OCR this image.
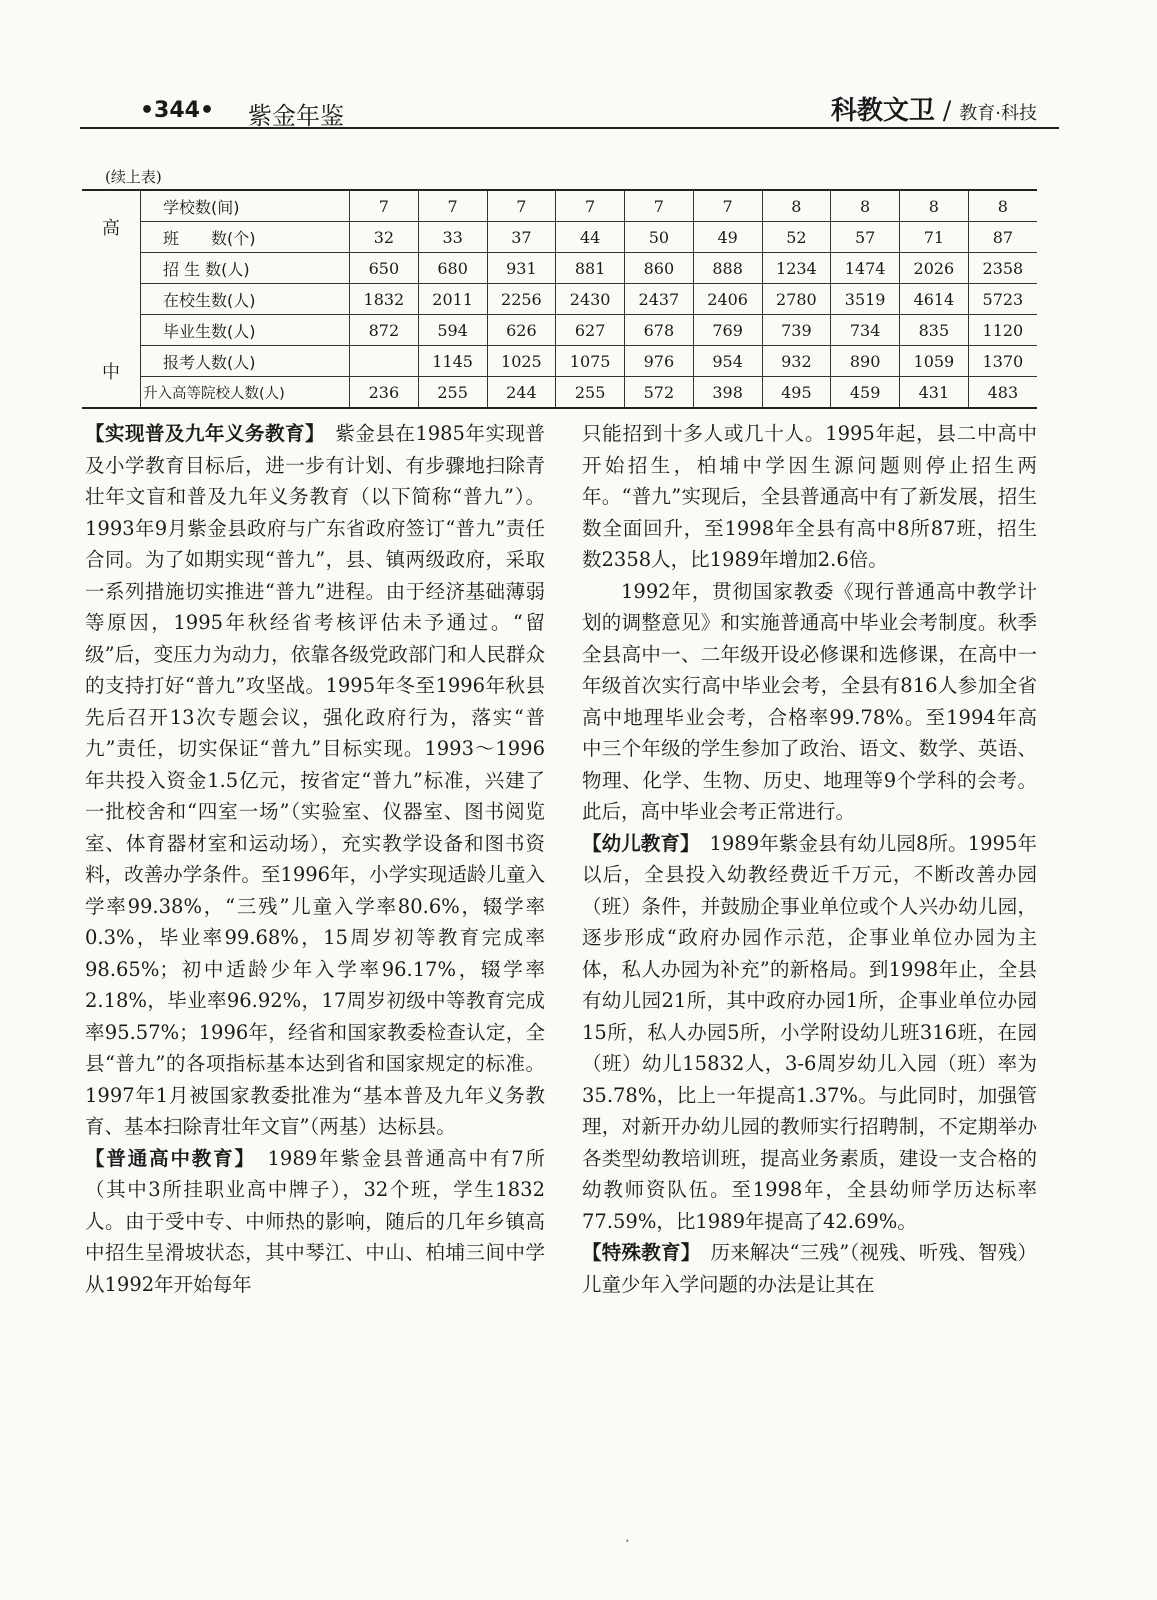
•344• 紫金年鉴	科教文卫 / 教育·科技
(续上表)
高
中	学校数(间)	7	7	7	7	7	7	8	8	8	8
	班　　数(个)	32	33	37	44	50	49	52	57	71	87
	招 生 数(人)	650	680	931	881	860	888	1234	1474	2026	2358
	在校生数(人)	1832	2011	2256	2430	2437	2406	2780	3519	4614	5723
	毕业生数(人)	872	594	626	627	678	769	739	734	835	1120
	报考人数(人)		1145	1025	1075	976	954	932	890	1059	1370
	升入高等院校人数(人)	236	255	244	255	572	398	495	459	431	483

【实现普及九年义务教育】　紫金县在1985年实现普及小学教育目标后，进一步有计划、有步骤地扫除青壮年文盲和普及九年义务教育（以下简称“普九”）。1993年9月紫金县政府与广东省政府签订“普九”责任合同。为了如期实现“普九”，县、镇两级政府，采取一系列措施切实推进“普九”进程。由于经济基础薄弱等原因，1995年秋经省考核评估未予通过。“留级”后，变压力为动力，依靠各级党政部门和人民群众的支持打好“普九”攻坚战。1995年冬至1996年秋县先后召开13次专题会议，强化政府行为，落实“普九”责任，切实保证“普九”目标实现。1993～1996年共投入资金1.5亿元，按省定“普九”标准，兴建了一批校舍和“四室一场”（实验室、仪器室、图书阅览室、体育器材室和运动场），充实教学设备和图书资料，改善办学条件。至1996年，小学实现适龄儿童入学率99.38%，“三残”儿童入学率80.6%，辍学率0.3%，毕业率99.68%，15周岁初等教育完成率98.65%；初中适龄少年入学率96.17%，辍学率2.18%，毕业率96.92%，17周岁初级中等教育完成率95.57%；1996年，经省和国家教委检查认定，全县“普九”的各项指标基本达到省和国家规定的标准。1997年1月被国家教委批准为“基本普及九年义务教育、基本扫除青壮年文盲”（两基）达标县。

【普通高中教育】　1989年紫金县普通高中有7所（其中3所挂职业高中牌子），32个班，学生1832人。由于受中专、中师热的影响，随后的几年乡镇高中招生呈滑坡状态，其中琴江、中山、柏埔三间中学从1992年开始每年

只能招到十多人或几十人。1995年起，县二中高中开始招生，柏埔中学因生源问题则停止招生两年。“普九”实现后，全县普通高中有了新发展，招生数全面回升，至1998年全县有高中8所87班，招生数2358人，比1989年增加2.6倍。

1992年，贯彻国家教委《现行普通高中教学计划的调整意见》和实施普通高中毕业会考制度。秋季全县高中一、二年级开设必修课和选修课，在高中一年级首次实行高中毕业会考，全县有816人参加全省高中地理毕业会考，合格率99.78%。至1994年高中三个年级的学生参加了政治、语文、数学、英语、物理、化学、生物、历史、地理等9个学科的会考。此后，高中毕业会考正常进行。

【幼儿教育】　1989年紫金县有幼儿园8所。1995年以后，全县投入幼教经费近千万元，不断改善办园（班）条件，并鼓励企事业单位或个人兴办幼儿园，逐步形成“政府办园作示范，企事业单位办园为主体，私人办园为补充”的新格局。到1998年止，全县有幼儿园21所，其中政府办园1所，企事业单位办园15所，私人办园5所，小学附设幼儿班316班，在园（班）幼儿15832人，3-6周岁幼儿入园（班）率为35.78%，比上一年提高1.37%。与此同时，加强管理，对新开办幼儿园的教师实行招聘制，不定期举办各类型幼教培训班，提高业务素质，建设一支合格的幼教师资队伍。至1998年，全县幼师学历达标率77.59%，比1989年提高了42.69%。

【特殊教育】　历来解决“三残”（视残、听残、智残）儿童少年入学问题的办法是让其在

•
